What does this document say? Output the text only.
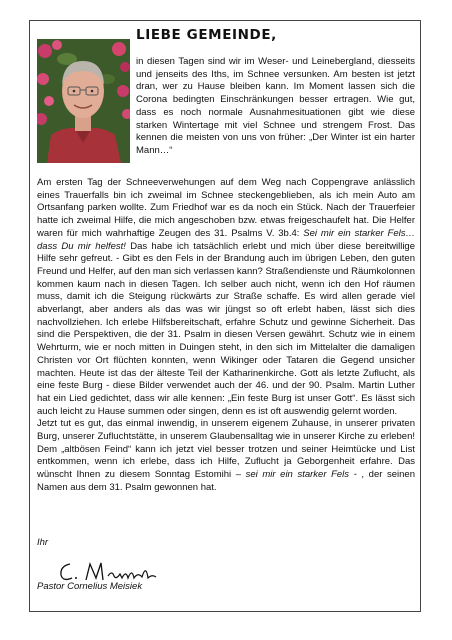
LIEBE GEMEINDE,

in diesen Tagen sind wir im Weser- und Leinebergland, diesseits und jenseits des Iths, im Schnee versunken. Am besten ist jetzt dran, wer zu Hause bleiben kann. Im Moment lassen sich die Corona bedingten Einschränkungen besser ertragen. Wie gut, dass es noch normale Ausnahmesituationen gibt wie diese starken Wintertage mit viel Schnee und strengem Frost. Das kennen die meisten von uns von früher: „Der Winter ist ein harter Mann…“

Am ersten Tag der Schneeverwehungen auf dem Weg nach Coppengrave anlässlich eines Trauerfalls bin ich zweimal im Schnee steckengeblieben, als ich mein Auto am Ortsanfang parken wollte. Zum Friedhof war es da noch ein Stück. Nach der Trauerfeier hatte ich zweimal Hilfe, die mich angeschoben bzw. etwas freigeschaufelt hat. Die Helfer waren für mich wahrhaftige Zeugen des 31. Psalms V. 3b.4: Sei mir ein starker Fels…dass Du mir helfest! Das habe ich tatsächlich erlebt und mich über diese bereitwillige Hilfe sehr gefreut. - Gibt es den Fels in der Brandung auch im übrigen Leben, den guten Freund und Helfer, auf den man sich verlassen kann? Straßendienste und Räumkolonnen kommen kaum nach in diesen Tagen. Ich selber auch nicht, wenn ich den Hof räumen muss, damit ich die Steigung rückwärts zur Straße schaffe. Es wird allen gerade viel abverlangt, aber anders als das was wir jüngst so oft erlebt haben, lässt sich dies nachvollziehen. Ich erlebe Hilfsbereitschaft, erfahre Schutz und gewinne Sicherheit. Das sind die Perspektiven, die der 31. Psalm in diesen Versen gewährt. Schutz wie in einem Wehrturm, wie er noch mitten in Duingen steht, in den sich im Mittelalter die damaligen Christen vor Ort flüchten konnten, wenn Wikinger oder Tataren die Gegend unsicher machten. Heute ist das der älteste Teil der Katharinenkirche. Gott als letzte Zuflucht, als eine feste Burg - diese Bilder verwendet auch der 46. und der 90. Psalm. Martin Luther hat ein Lied gedichtet, dass wir alle kennen: „Ein feste Burg ist unser Gott“. Es lässt sich auch leicht zu Hause summen oder singen, denn es ist oft auswendig gelernt worden.

Jetzt tut es gut, das einmal inwendig, in unserem eigenem Zuhause, in unserer privaten Burg, unserer Zufluchtstätte, in unserem Glaubensalltag wie in unserer Kirche zu erleben! Dem „altbösen Feind“ kann ich jetzt viel besser trotzen und seiner Heimtücke und List entkommen, wenn ich erlebe, dass ich Hilfe, Zuflucht ja Geborgenheit erfahre. Das wünscht Ihnen zu diesem Sonntag Estomihi – sei mir ein starker Fels - , der seinen Namen aus dem 31. Psalm gewonnen hat.

Ihr
Pastor Cornelius Meisiek
